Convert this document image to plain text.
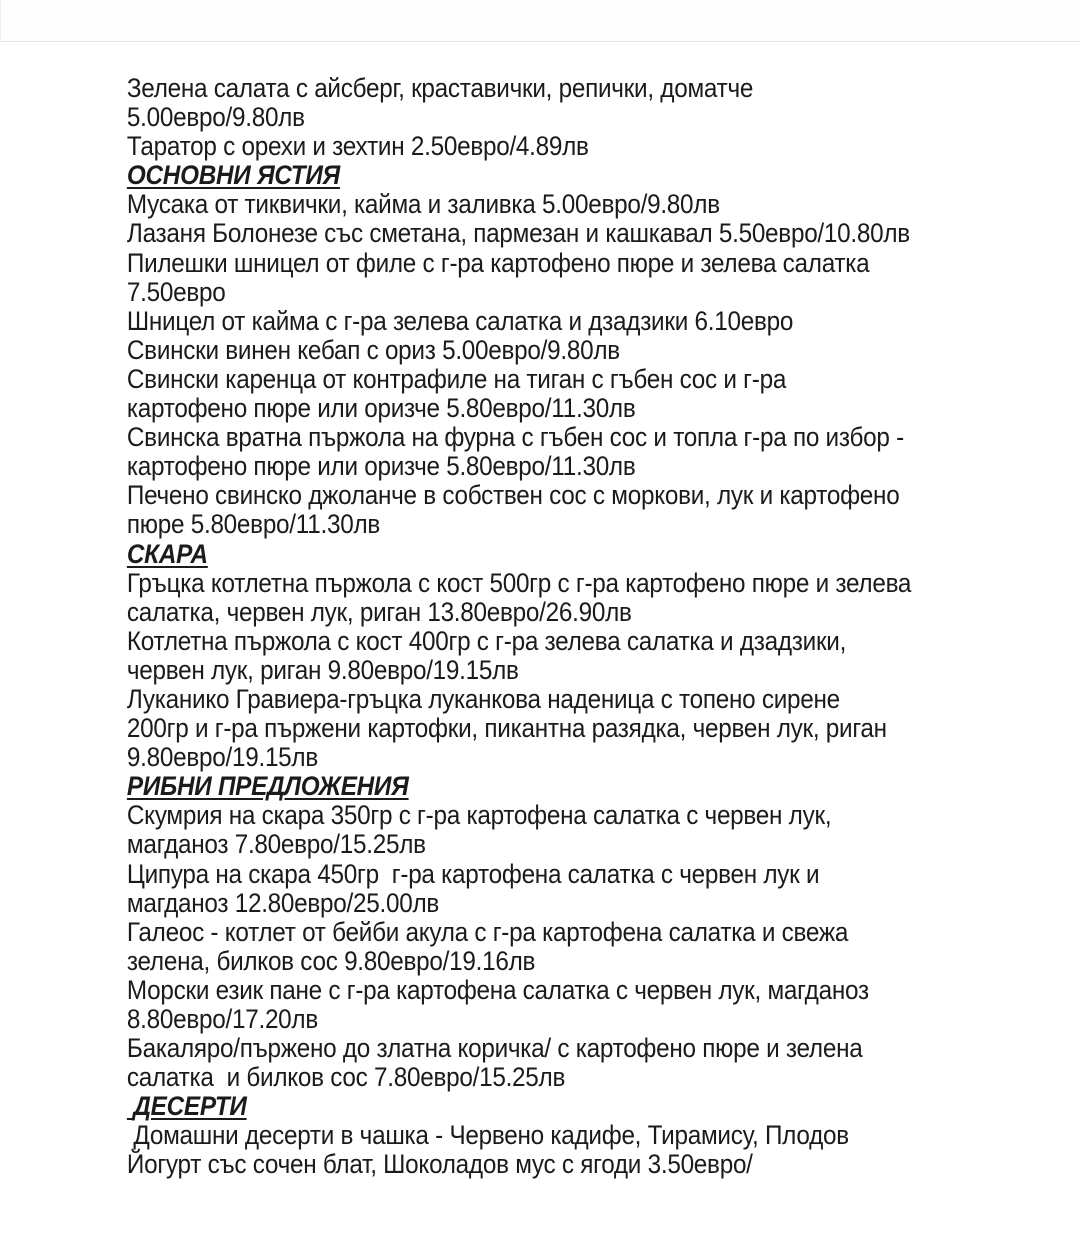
Зелена салата с айсберг, краставички, репички, доматче
5.00евро/9.80лв
Таратор с орехи и зехтин 2.50евро/4.89лв
ОСНОВНИ ЯСТИЯ
Мусака от тиквички, кайма и заливка 5.00евро/9.80лв
Лазаня Болонезе със сметана, пармезан и кашкавал 5.50евро/10.80лв
Пилешки шницел от филе с г-ра картофено пюре и зелева салатка
7.50евро
Шницел от кайма с г-ра зелева салатка и дзадзики 6.10евро
Свински винен кебап с ориз 5.00евро/9.80лв
Свински каренца от контрафиле на тиган с гъбен сос и г-ра
картофено пюре или оризче 5.80евро/11.30лв
Свинска вратна пържола на фурна с гъбен сос и топла г-ра по избор -
картофено пюре или оризче 5.80евро/11.30лв
Печено свинско джоланче в собствен сос с моркови, лук и картофено
пюре 5.80евро/11.30лв
СКАРА
Гръцка котлетна пържола с кост 500гр с г-ра картофено пюре и зелева
салатка, червен лук, риган 13.80евро/26.90лв
Котлетна пържола с кост 400гр с г-ра зелева салатка и дзадзики,
червен лук, риган 9.80евро/19.15лв
Луканико Гравиера-гръцка луканкова наденица с топено сирене
200гр и г-ра пържени картофки, пикантна разядка, червен лук, риган
9.80евро/19.15лв
РИБНИ ПРЕДЛОЖЕНИЯ
Скумрия на скара 350гр с г-ра картофена салатка с червен лук,
магданоз 7.80евро/15.25лв
Ципура на скара 450гр  г-ра картофена салатка с червен лук и
магданоз 12.80евро/25.00лв
Галеос - котлет от бейби акула с г-ра картофена салатка и свежа
зелена, билков сос 9.80евро/19.16лв
Морски език пане с г-ра картофена салатка с червен лук, магданоз
8.80евро/17.20лв
Бакаляро/пържено до златна коричка/ с картофено пюре и зелена
салатка  и билков сос 7.80евро/15.25лв
ДЕСЕРТИ
Домашни десерти в чашка - Червено кадифе, Тирамису, Плодов
Йогурт със сочен блат, Шоколадов мус с ягоди 3.50евро/
